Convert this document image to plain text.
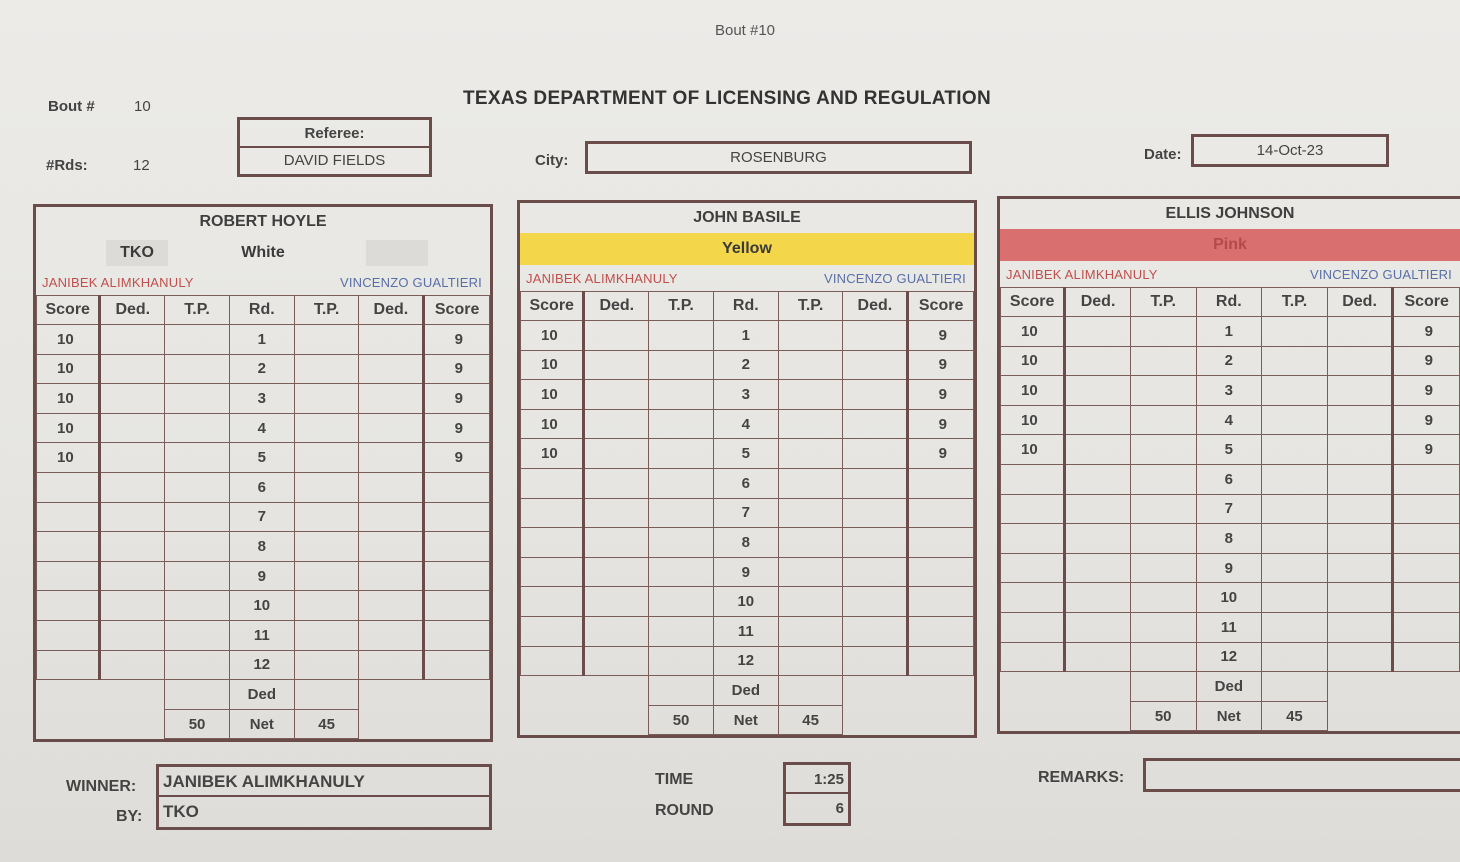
Bout #10
TEXAS DEPARTMENT OF LICENSING AND REGULATION
Bout #	10
#Rds:	12
Referee:
DAVID FIELDS	City:	ROSENBURG	Date:	14-Oct-23
ROBERT HOYLE
TKO	White
JANIBEK ALIMKHANULY	VINCENZO GUALTIERI
Score	Ded.	T.P.	Rd.	T.P.	Ded.	Score
10			1			9
10			2			9
10			3			9
10			4			9
10			5			9
			6			
			7			
			8			
			9			
			10			
			11			
			12			
			Ded			
		50	Net	45		
JOHN BASILE
Yellow
JANIBEK ALIMKHANULY	VINCENZO GUALTIERI
Score	Ded.	T.P.	Rd.	T.P.	Ded.	Score
10			1			9
10			2			9
10			3			9
10			4			9
10			5			9
			6			
			7			
			8			
			9			
			10			
			11			
			12			
			Ded			
		50	Net	45		
ELLIS JOHNSON
Pink
JANIBEK ALIMKHANULY	VINCENZO GUALTIERI
Score	Ded.	T.P.	Rd.	T.P.	Ded.	Score
10			1			9
10			2			9
10			3			9
10			4			9
10			5			9
			6			
			7			
			8			
			9			
			10			
			11			
			12			
			Ded			
		50	Net	45		
WINNER:
BY:
JANIBEK ALIMKHANULY
TKO
TIME
ROUND
1:25
6
REMARKS:
